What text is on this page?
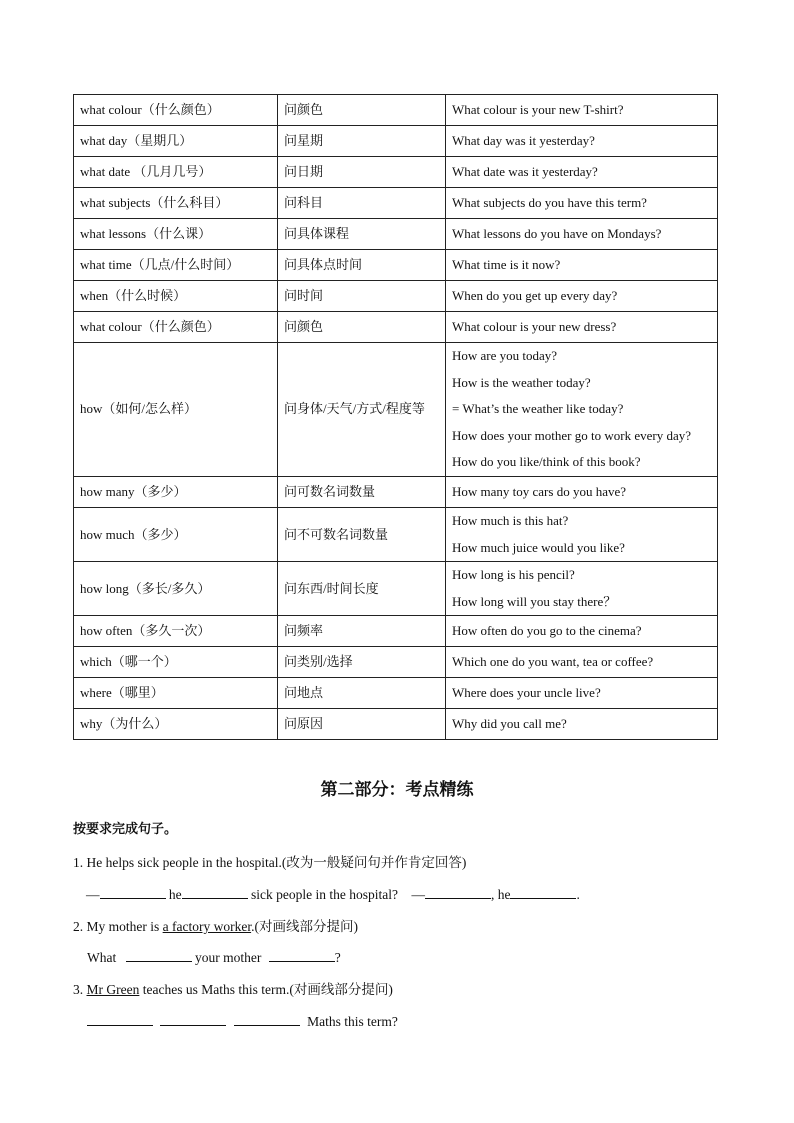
what colour（什么颜色）	问颜色	What colour is your new T-shirt?

what day（星期几）	问星期	What day was it yesterday?

what date （几月几号）	问日期	What date was it yesterday?

what subjects（什么科目）	问科目	What subjects do you have this term?

what lessons（什么课）	问具体课程	What lessons do you have on Mondays?

what time（几点/什么时间）	问具体点时间	What time is it now?

when（什么时候）	问时间	When do you get up every day?

what colour（什么颜色）	问颜色	What colour is your new dress?

how（如何/怎么样）	问身体/天气/方式/程度等	How are you today?
How is the weather today?
= What’s the weather like today?
How does your mother go to work every day?
How do you like/think of this book?

how many（多少）	问可数名词数量	How many toy cars do you have?

how much（多少）	问不可数名词数量	How much is this hat?
How much juice would you like?

how long（多长/多久）	问东西/时间长度	How long is his pencil?
How long will you stay there？

how often（多久一次）	问频率	How often do you go to the cinema?

which（哪一个）	问类别/选择	Which one do you want, tea or coffee?

where（哪里）	问地点	Where does your uncle live?

why（为什么）	问原因	Why did you call me?
第二部分：考点精练
按要求完成句子。
1. He helps sick people in the hospital.(改为一般疑问句并作肯定回答)
—	he	sick people in the hospital? —	, he	.
2. My mother is a factory worker.(对画线部分提问)
What	your mother	?
3. Mr Green teaches us Maths this term.(对画线部分提问)
Maths this term?
